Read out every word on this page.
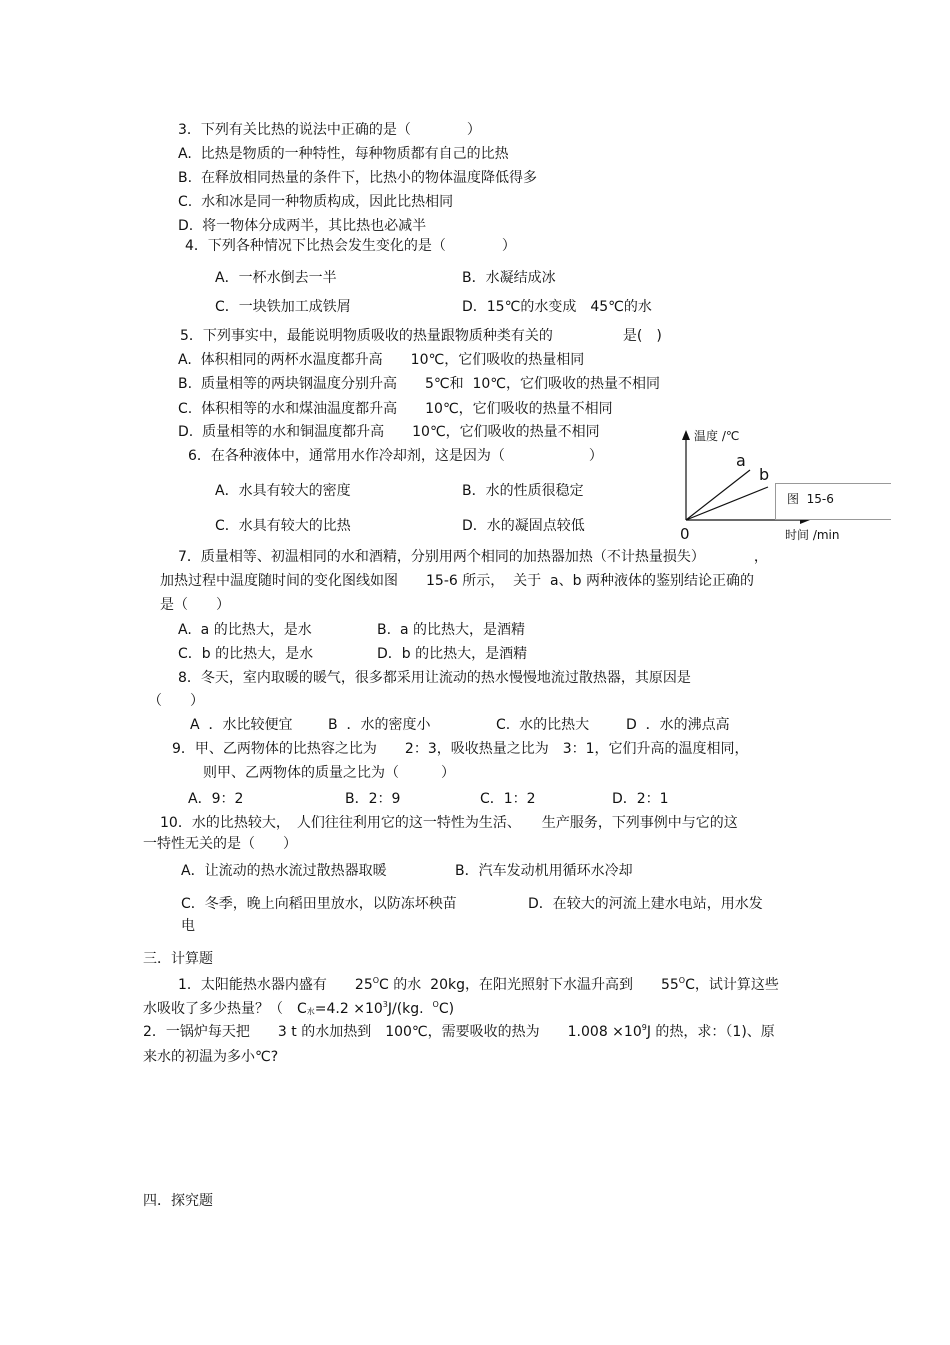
3．下列有关比热的说法中正确的是（　　　　）
A.  比热是物质的一种特性，每种物质都有自己的比热
B.  在释放相同热量的条件下，比热小的物体温度降低得多
C.  水和冰是同一种物质构成，因此比热相同
D.  将一物体分成两半，其比热也必减半
4．下列各种情况下比热会发生变化的是（　　　　）
A．一杯水倒去一半	B．水凝结成冰
C．一块铁加工成铁屑	D．15℃的水变成　45℃的水
5．下列事实中，最能说明物质吸收的热量跟物质种类有关的　　　　　是(　)
A.  体积相同的两杯水温度都升高　　10℃，它们吸收的热量相同
B.  质量相等的两块钢温度分别升高　　5℃和  10℃，它们吸收的热量不相同
C.  体积相等的水和煤油温度都升高　　10℃，它们吸收的热量不相同
D.  质量相等的水和铜温度都升高　　10℃，它们吸收的热量不相同
6．在各种液体中，通常用水作冷却剂，这是因为（　　　　　　）
A．水具有较大的密度	B．水的性质很稳定
C．水具有较大的比热	D．水的凝固点较低
温度 /℃
时间 /min
0
a
b
图  15-6
7．质量相等、初温相同的水和酒精，分别用两个相同的加热器加热（不计热量损失）　　　　，
加热过程中温度随时间的变化图线如图　　15-6 所示，  关于  a、b 两种液体的鉴别结论正确的
是（　　）
A.  a 的比热大，是水	B.  a 的比热大，是酒精
C．b 的比热大，是水	D．b 的比热大，是酒精
8．冬天，室内取暖的暖气，很多都采用让流动的热水慢慢地流过散热器，其原因是
（　　）
A  ．水比较便宜	B  ．水的密度小	C.  水的比热大	D  ．水的沸点高
9．甲、乙两物体的比热容之比为　　2：3，吸收热量之比为　3：1，它们升高的温度相同，
则甲、乙两物体的质量之比为（　　　）
A．9：2	B．2：9	C．1：2	D．2：1
10．水的比热较大，　人们往往利用它的这一特性为生活、　　生产服务，下列事例中与它的这
一特性无关的是（　　）
A．让流动的热水流过散热器取暖	B．汽车发动机用循环水冷却
C．冬季，晚上向稻田里放水，以防冻坏秧苗	D．在较大的河流上建水电站，用水发
电
三．计算题
1．太阳能热水器内盛有　　$25^OC$ 的水  20kg，在阳光照射下水温升高到　　$55^OC$，试计算这些
水吸收了多少热量？（　$C_水=4.2 \times 10^3J/(kg$.  $^O$C)
2．一锅炉每天把　　3 t 的水加热到　100℃，需要吸收的热为　　$1.008 \times 10^9J$ 的热，求：（1)、原
来水的初温为多小℃?
四．探究题
